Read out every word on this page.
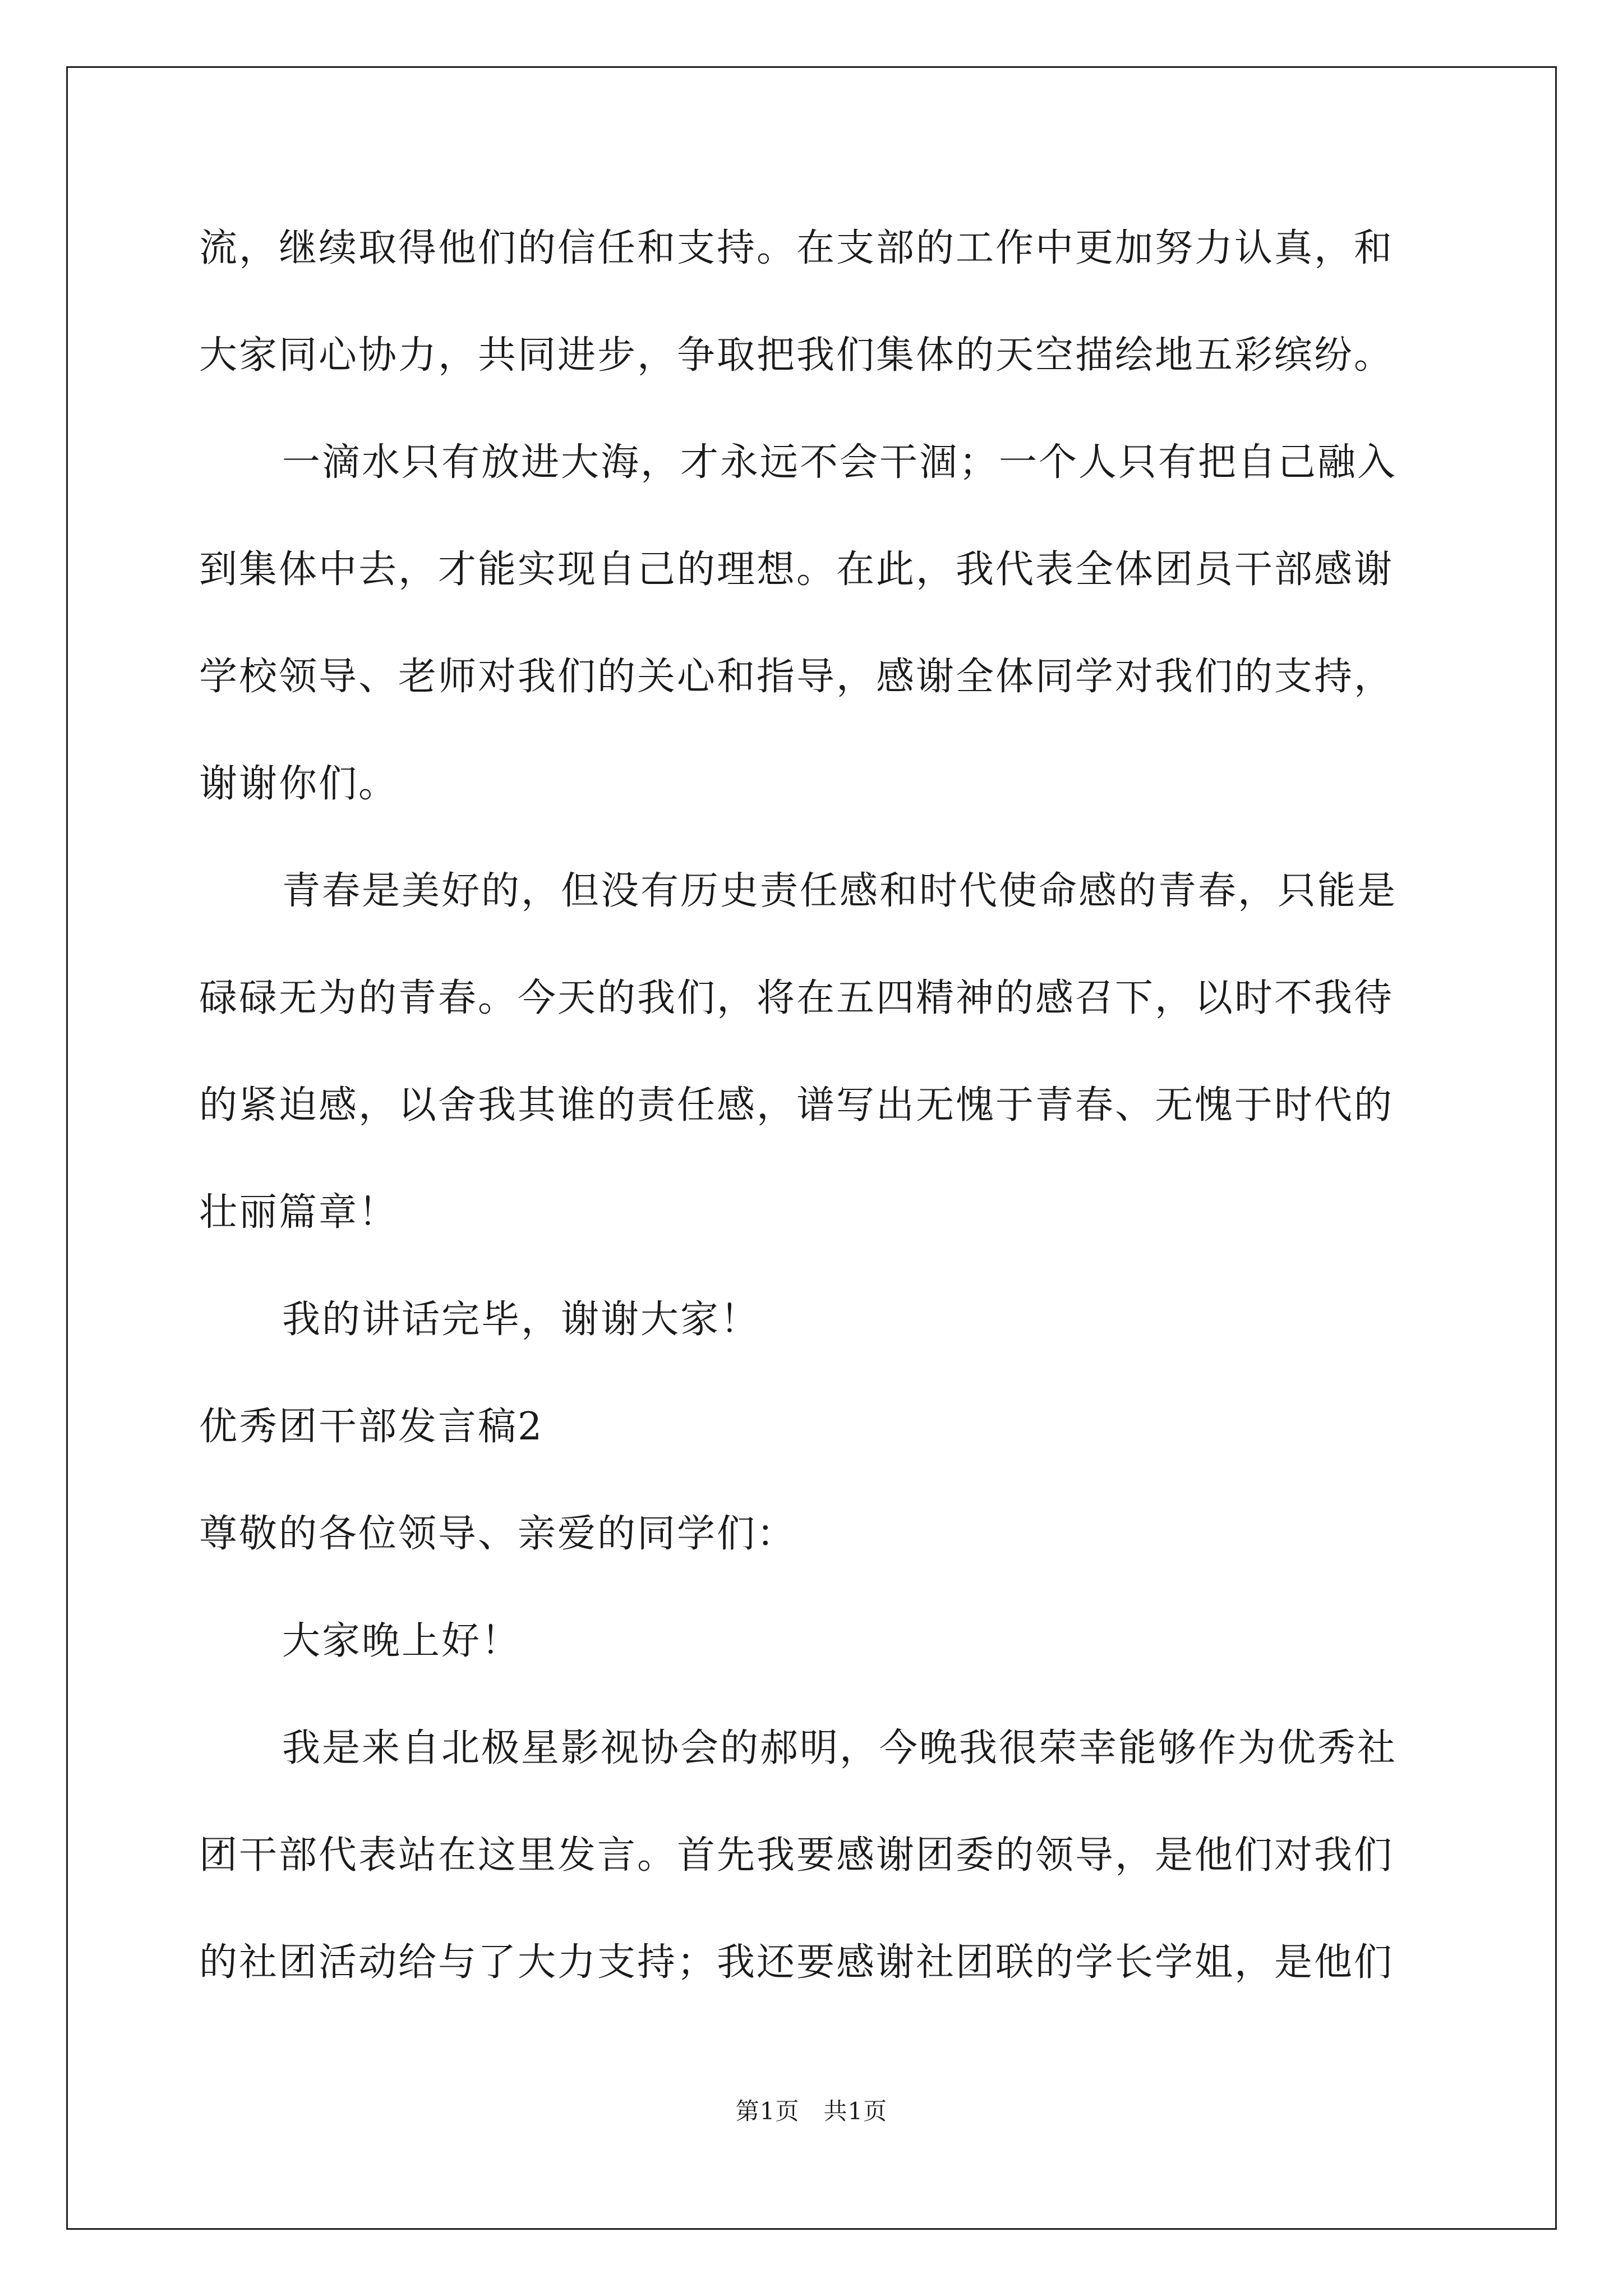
流，继续取得他们的信任和支持。在支部的工作中更加努力认真，和
大家同心协力，共同进步，争取把我们集体的天空描绘地五彩缤纷。
一滴水只有放进大海，才永远不会干涸；一个人只有把自己融入
到集体中去，才能实现自己的理想。在此，我代表全体团员干部感谢
学校领导、老师对我们的关心和指导，感谢全体同学对我们的支持，
谢谢你们。
青春是美好的，但没有历史责任感和时代使命感的青春，只能是
碌碌无为的青春。今天的我们，将在五四精神的感召下，以时不我待
的紧迫感，以舍我其谁的责任感，谱写出无愧于青春、无愧于时代的
壮丽篇章！
我的讲话完毕，谢谢大家！
优秀团干部发言稿2
尊敬的各位领导、亲爱的同学们：
大家晚上好！
我是来自北极星影视协会的郝明，今晚我很荣幸能够作为优秀社
团干部代表站在这里发言。首先我要感谢团委的领导，是他们对我们
的社团活动给与了大力支持；我还要感谢社团联的学长学姐，是他们
第1页　共1页
